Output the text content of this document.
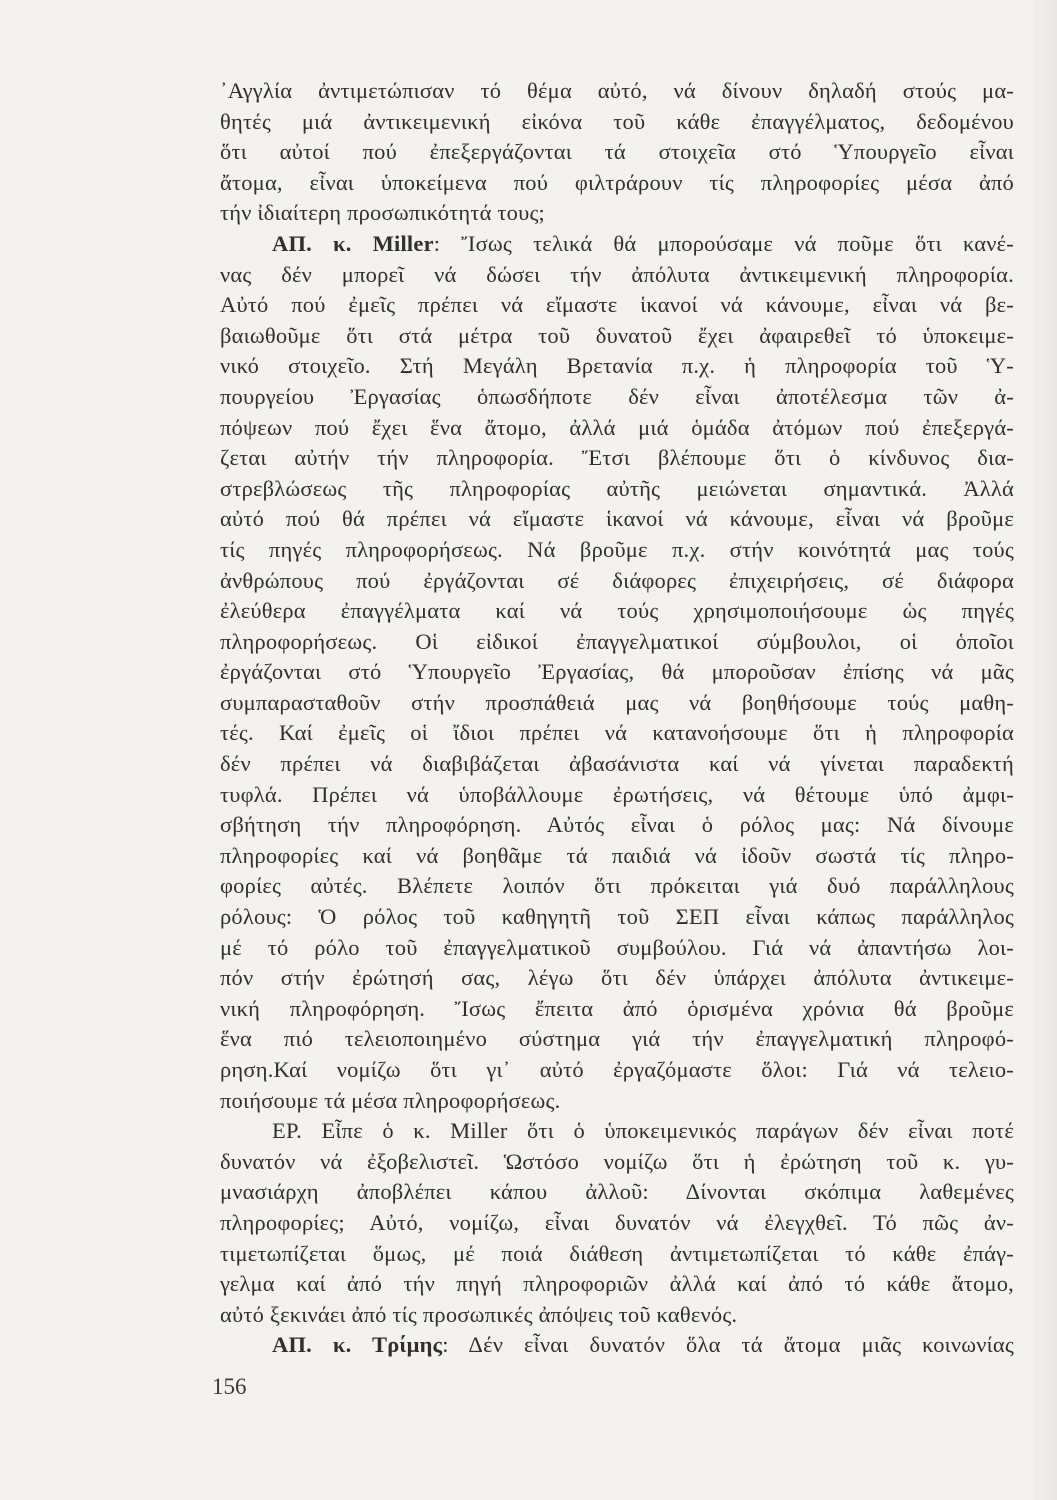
᾿Αγγλία ἀντιμετώπισαν τό θέμα αὐτό, νά δίνουν δηλαδή στούς μα-
θητές μιά ἀντικειμενική εἰκόνα τοῦ κάθε ἐπαγγέλματος, δεδομένου
ὅτι αὐτοί πού ἐπεξεργάζονται τά στοιχεῖα στό Ὑπουργεῖο εἶναι
ἄτομα, εἶναι ὑποκείμενα πού φιλτράρουν τίς πληροφορίες μέσα ἀπό
τήν ἰδιαίτερη προσωπικότητά τους;
ΑΠ. κ. Miller: Ἴσως τελικά θά μπορούσαμε νά ποῦμε ὅτι κανέ-
νας δέν μπορεῖ νά δώσει τήν ἀπόλυτα ἀντικειμενική πληροφορία.
Αὐτό πού ἐμεῖς πρέπει νά εἴμαστε ἱκανοί νά κάνουμε, εἶναι νά βε-
βαιωθοῦμε ὅτι στά μέτρα τοῦ δυνατοῦ ἔχει ἀφαιρεθεῖ τό ὑποκειμε-
νικό στοιχεῖο. Στή Μεγάλη Βρετανία π.χ. ἡ πληροφορία τοῦ Ὑ-
πουργείου Ἐργασίας ὁπωσδήποτε δέν εἶναι ἀποτέλεσμα τῶν ἀ-
πόψεων πού ἔχει ἕνα ἄτομο, ἀλλά μιά ὁμάδα ἀτόμων πού ἐπεξεργά-
ζεται αὐτήν τήν πληροφορία. Ἔτσι βλέπουμε ὅτι ὁ κίνδυνος δια-
στρεβλώσεως τῆς πληροφορίας αὐτῆς μειώνεται σημαντικά. Ἀλλά
αὐτό πού θά πρέπει νά εἴμαστε ἱκανοί νά κάνουμε, εἶναι νά βροῦμε
τίς πηγές πληροφορήσεως. Νά βροῦμε π.χ. στήν κοινότητά μας τούς
ἀνθρώπους πού ἐργάζονται σέ διάφορες ἐπιχειρήσεις, σέ διάφορα
ἐλεύθερα ἐπαγγέλματα καί νά τούς χρησιμοποιήσουμε ὡς πηγές
πληροφορήσεως. Οἱ εἰδικοί ἐπαγγελματικοί σύμβουλοι, οἱ ὁποῖοι
ἐργάζονται στό Ὑπουργεῖο Ἐργασίας, θά μποροῦσαν ἐπίσης νά μᾶς
συμπαρασταθοῦν στήν προσπάθειά μας νά βοηθήσουμε τούς μαθη-
τές. Καί ἐμεῖς οἱ ἴδιοι πρέπει νά κατανοήσουμε ὅτι ἡ πληροφορία
δέν πρέπει νά διαβιβάζεται ἀβασάνιστα καί νά γίνεται παραδεκτή
τυφλά. Πρέπει νά ὑποβάλλουμε ἐρωτήσεις, νά θέτουμε ὑπό ἀμφι-
σβήτηση τήν πληροφόρηση. Αὐτός εἶναι ὁ ρόλος μας: Νά δίνουμε
πληροφορίες καί νά βοηθᾶμε τά παιδιά νά ἰδοῦν σωστά τίς πληρο-
φορίες αὐτές. Βλέπετε λοιπόν ὅτι πρόκειται γιά δυό παράλληλους
ρόλους: Ὁ ρόλος τοῦ καθηγητῆ τοῦ ΣΕΠ εἶναι κάπως παράλληλος
μέ τό ρόλο τοῦ ἐπαγγελματικοῦ συμβούλου. Γιά νά ἀπαντήσω λοι-
πόν στήν ἐρώτησή σας, λέγω ὅτι δέν ὑπάρχει ἀπόλυτα ἀντικειμε-
νική πληροφόρηση. Ἴσως ἔπειτα ἀπό ὁρισμένα χρόνια θά βροῦμε
ἕνα πιό τελειοποιημένο σύστημα γιά τήν ἐπαγγελματική πληροφό-
ρηση.Καί νομίζω ὅτι γι᾿ αὐτό ἐργαζόμαστε ὅλοι: Γιά νά τελειο-
ποιήσουμε τά μέσα πληροφορήσεως.
ΕΡ. Εἶπε ὁ κ. Miller ὅτι ὁ ὑποκειμενικός παράγων δέν εἶναι ποτέ
δυνατόν νά ἐξοβελιστεῖ. Ὡστόσο νομίζω ὅτι ἡ ἐρώτηση τοῦ κ. γυ-
μνασιάρχη ἀποβλέπει κάπου ἀλλοῦ: Δίνονται σκόπιμα λαθεμένες
πληροφορίες; Αὐτό, νομίζω, εἶναι δυνατόν νά ἐλεγχθεῖ. Τό πῶς ἀν-
τιμετωπίζεται ὅμως, μέ ποιά διάθεση ἀντιμετωπίζεται τό κάθε ἐπάγ-
γελμα καί ἀπό τήν πηγή πληροφοριῶν ἀλλά καί ἀπό τό κάθε ἄτομο,
αὐτό ξεκινάει ἀπό τίς προσωπικές ἀπόψεις τοῦ καθενός.
ΑΠ. κ. Τρίμης: Δέν εἶναι δυνατόν ὅλα τά ἄτομα μιᾶς κοινωνίας
156
